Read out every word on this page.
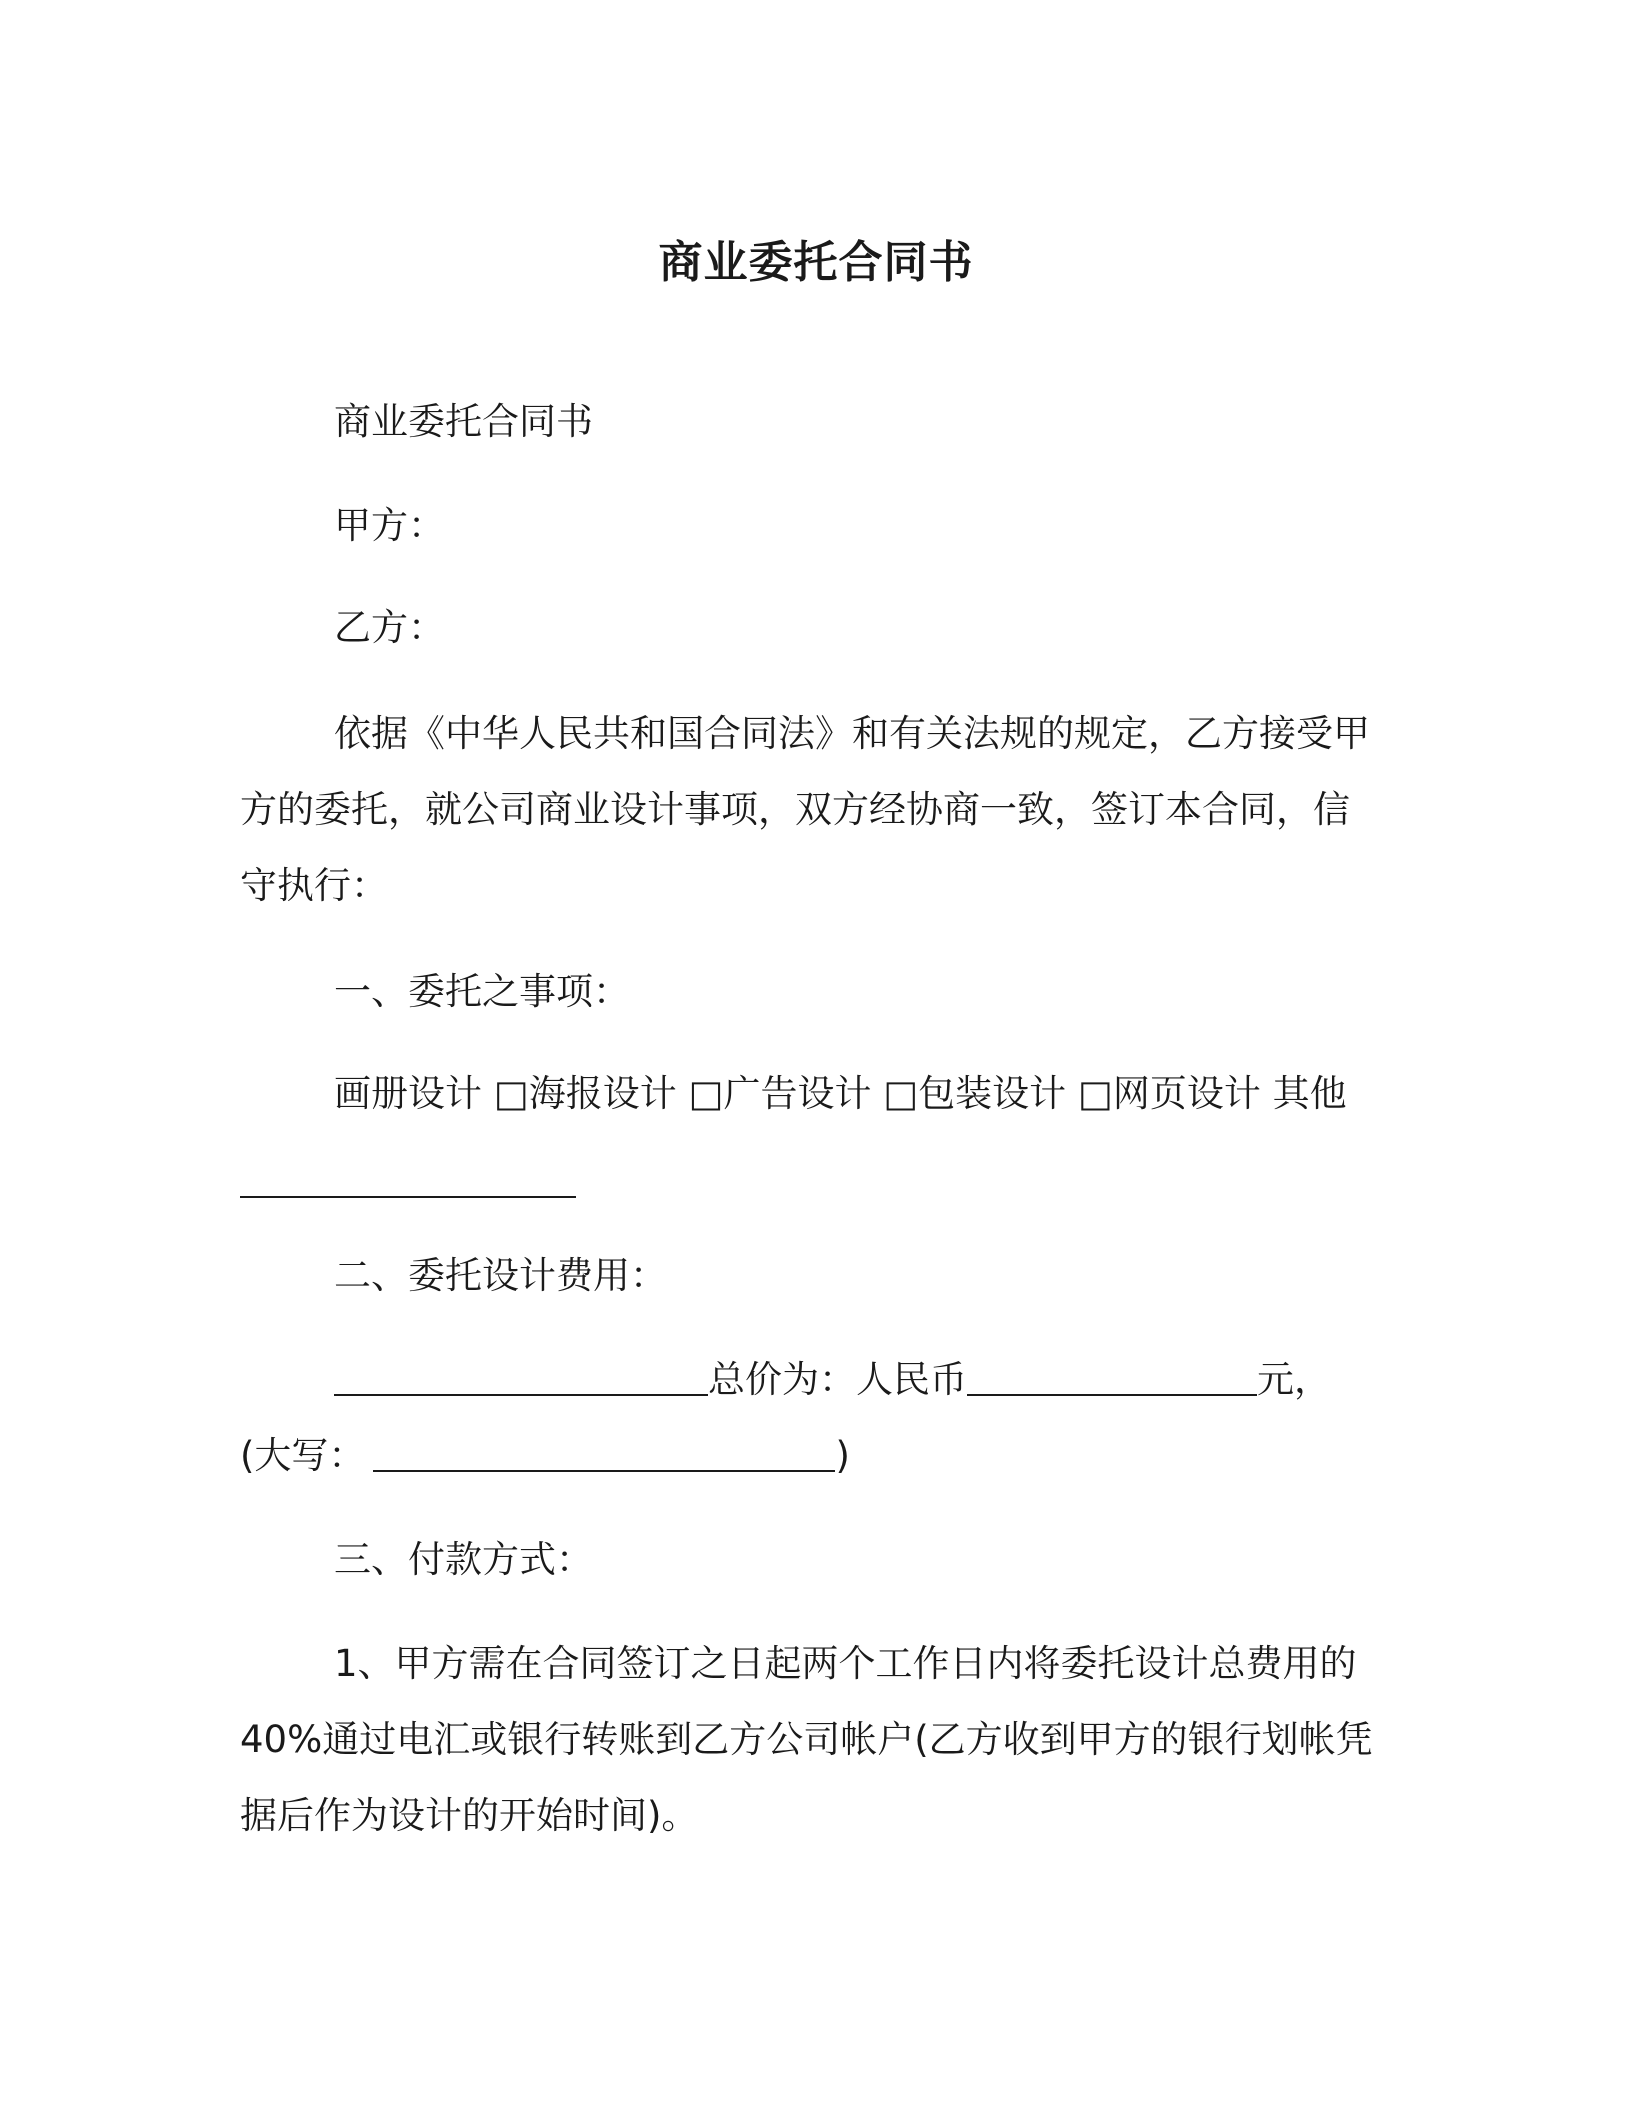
商业委托合同书
商业委托合同书
甲方：
乙方：
依据《中华人民共和国合同法》和有关法规的规定，乙方接受甲
方的委托，就公司商业设计事项，双方经协商一致，签订本合同，信
守执行：
一、委托之事项：
画册设计 □海报设计 □广告设计 □包装设计 □网页设计 其他
二、委托设计费用：
总价为：人民币	元，
(大写：	)
三、付款方式：
1、甲方需在合同签订之日起两个工作日内将委托设计总费用的
40%通过电汇或银行转账到乙方公司帐户(乙方收到甲方的银行划帐凭
据后作为设计的开始时间)。
